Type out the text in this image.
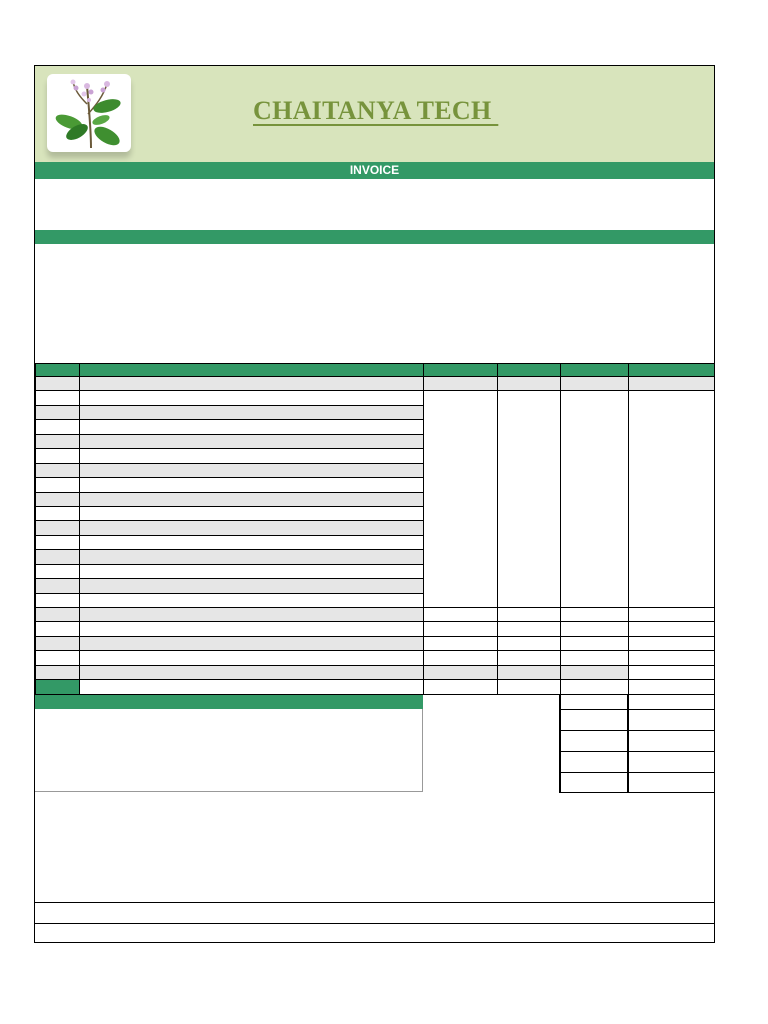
CHAITANYA TECH
INVOICE
